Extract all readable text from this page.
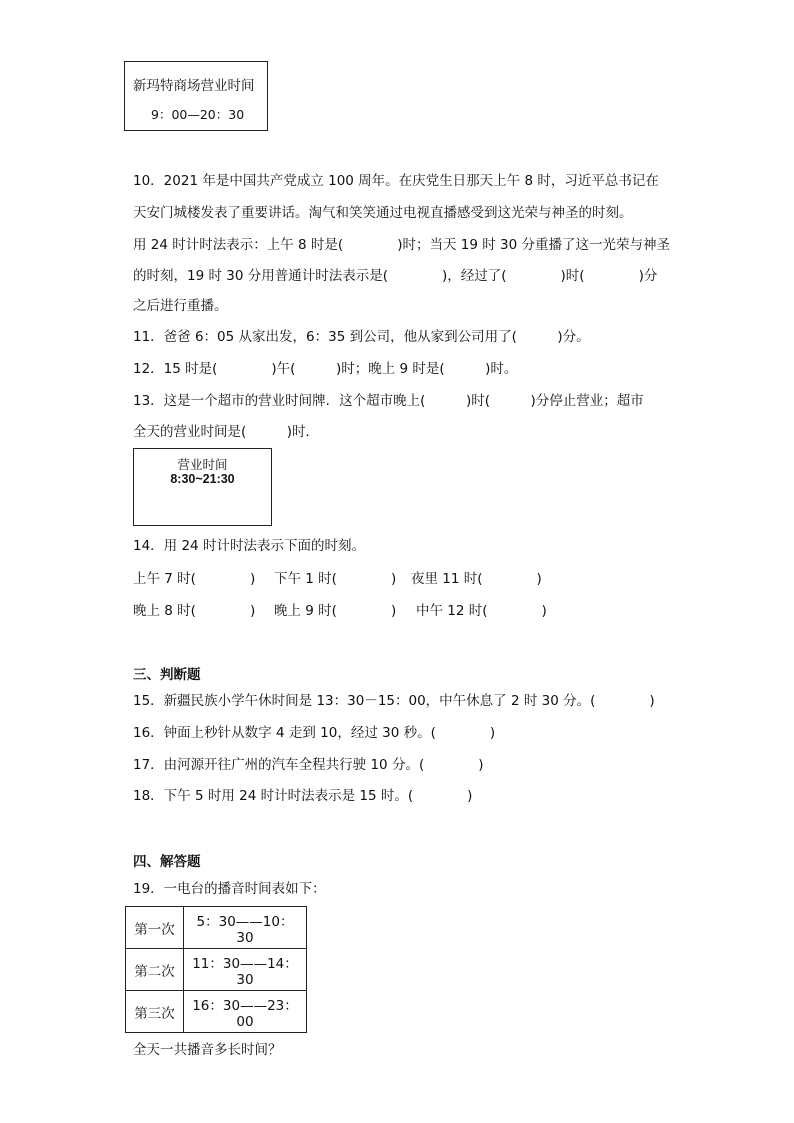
新玛特商场营业时间
9：00—20：30
10．2021 年是中国共产党成立 100 周年。在庆党生日那天上午 8 时，习近平总书记在
天安门城楼发表了重要讲话。淘气和笑笑通过电视直播感受到这光荣与神圣的时刻。
用 24 时计时法表示：上午 8 时是(　　　　)时；当天 19 时 30 分重播了这一光荣与神圣
的时刻，19 时 30 分用普通计时法表示是(　　　　)，经过了(　　　　)时(　　　　)分
之后进行重播。
11．爸爸 6：05 从家出发，6：35 到公司，他从家到公司用了(　　　)分。
12．15 时是(　　　　)午(　　　)时；晚上 9 时是(　　　)时。
13．这是一个超市的营业时间牌．这个超市晚上(　　　)时(　　　)分停止营业；超市
全天的营业时间是(　　　)时．
营业时间
8:30~21:30
14．用 24 时计时法表示下面的时刻。
上午 7 时(　　　　) 下午 1 时(　　　　) 夜里 11 时(　　　　)
晚上 8 时(　　　　) 晚上 9 时(　　　　) 中午 12 时(　　　　)
三、判断题
15．新疆民族小学午休时间是 13：30－15：00，中午休息了 2 时 30 分。(　　　　)
16．钟面上秒针从数字 4 走到 10，经过 30 秒。(　　　　)
17．由河源开往广州的汽车全程共行驶 10 分。(　　　　)
18．下午 5 时用 24 时计时法表示是 15 时。(　　　　)
四、解答题
19．一电台的播音时间表如下：
第一次	5：30——10：30
第二次	11：30——14：30
第三次	16：30——23：00
全天一共播音多长时间？
